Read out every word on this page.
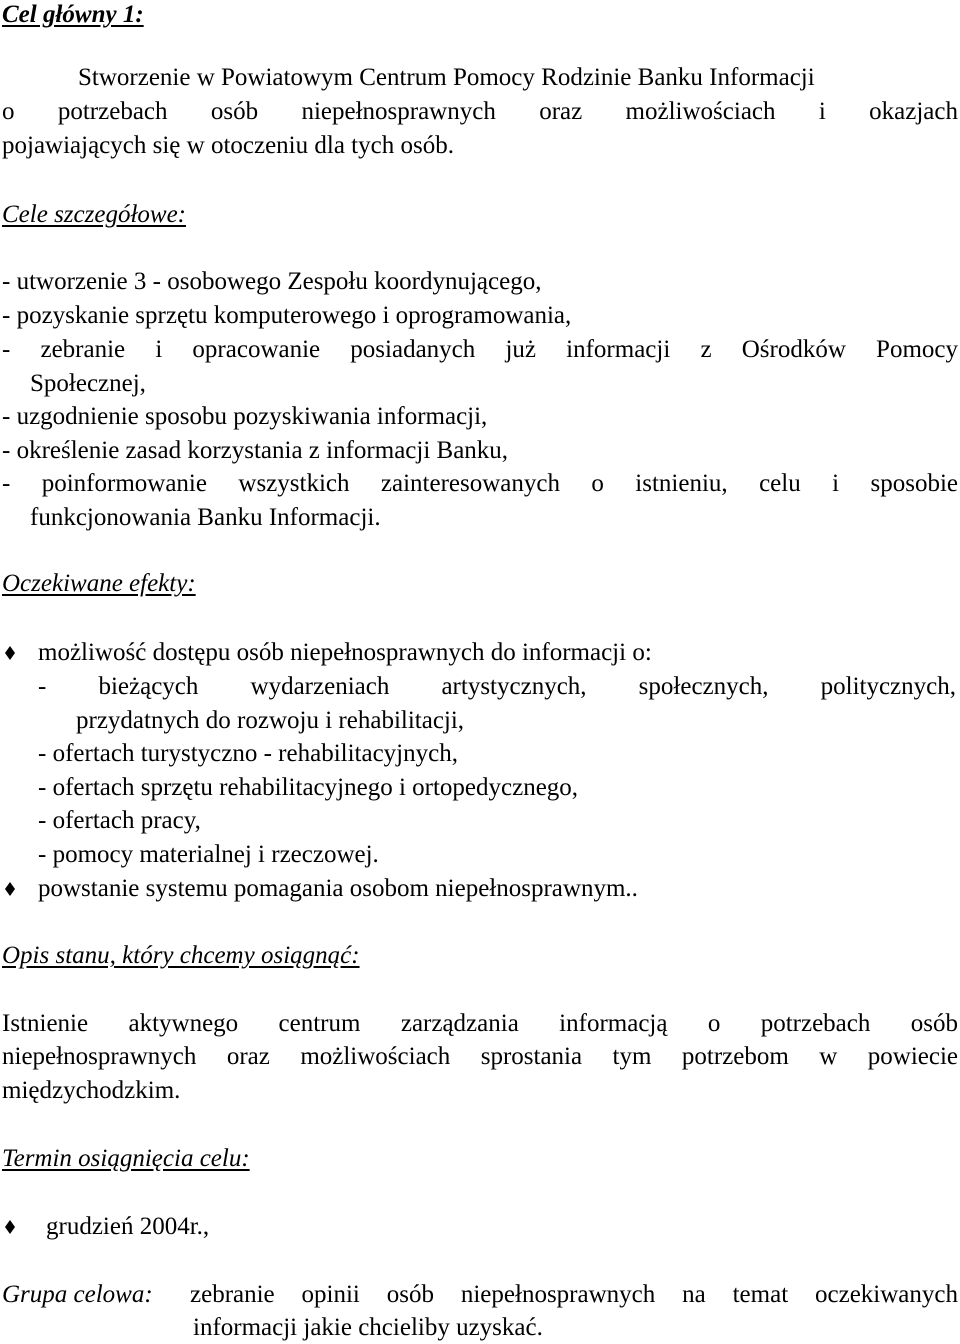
Cel główny 1:
Stworzenie w Powiatowym Centrum Pomocy Rodzinie Banku Informacji
o potrzebach osób niepełnosprawnych oraz możliwościach i okazjach
pojawiających się w otoczeniu dla tych osób.
Cele szczegółowe:
- utworzenie 3 - osobowego Zespołu koordynującego,
- pozyskanie sprzętu komputerowego i oprogramowania,
- zebranie i opracowanie posiadanych już informacji z Ośrodków Pomocy
Społecznej,
- uzgodnienie sposobu pozyskiwania informacji,
- określenie zasad korzystania z informacji Banku,
- poinformowanie wszystkich zainteresowanych o istnieniu, celu i sposobie
funkcjonowania Banku Informacji.
Oczekiwane efekty:
możliwość dostępu osób niepełnosprawnych do informacji o:
- bieżących wydarzeniach artystycznych, społecznych, politycznych,
przydatnych do rozwoju i rehabilitacji,
- ofertach turystyczno - rehabilitacyjnych,
- ofertach sprzętu rehabilitacyjnego i ortopedycznego,
- ofertach pracy,
- pomocy materialnej i rzeczowej.
powstanie systemu pomagania osobom niepełnosprawnym..
Opis stanu, który chcemy osiągnąć:
Istnienie aktywnego centrum zarządzania informacją o potrzebach osób
niepełnosprawnych oraz możliwościach sprostania tym potrzebom w powiecie
międzychodzkim.
Termin osiągnięcia celu:
grudzień 2004r.,
Grupa celowa: zebranie opinii osób niepełnosprawnych na temat oczekiwanych
informacji jakie chcieliby uzyskać.
